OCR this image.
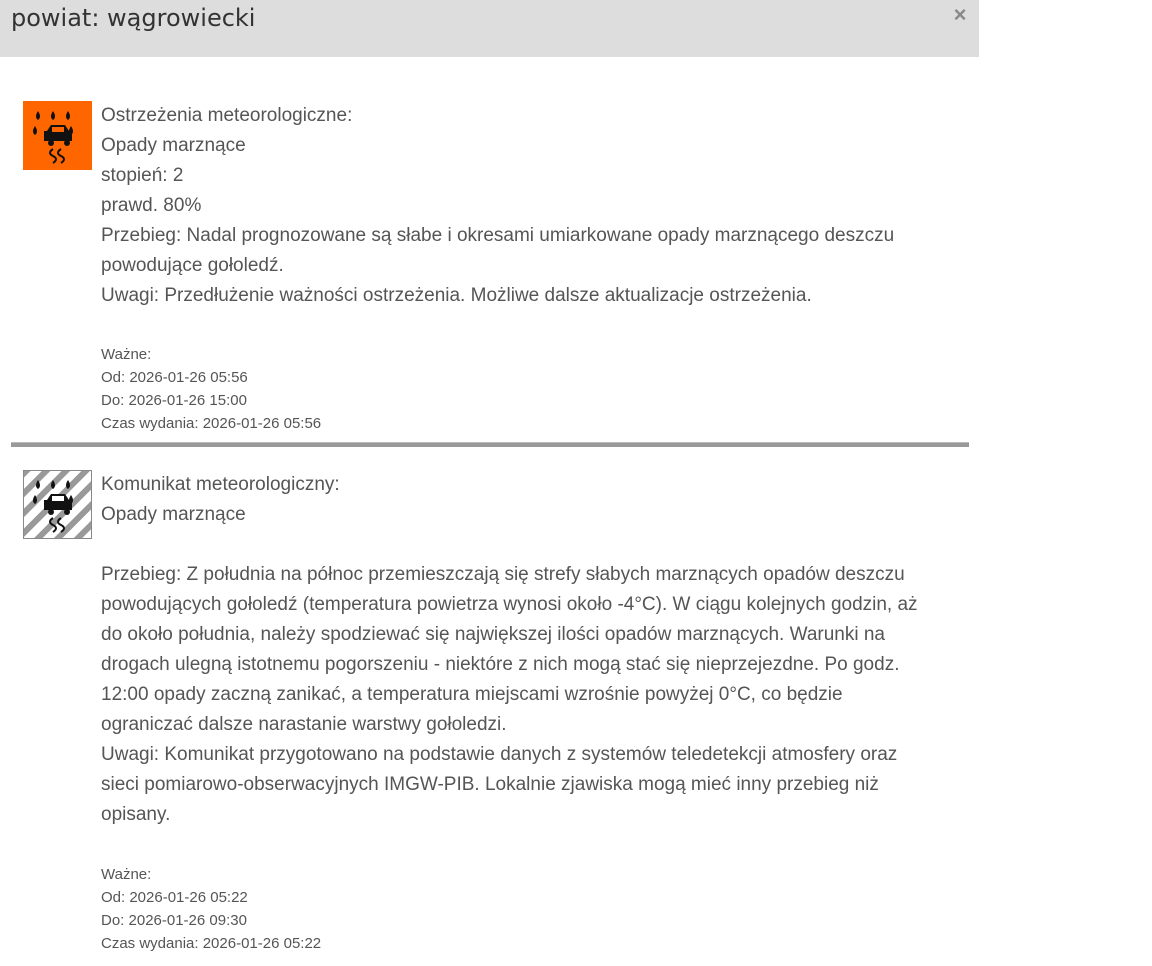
powiat: wągrowiecki	×
Ostrzeżenia meteorologiczne:
Opady marznące
stopień: 2
prawd. 80%
Przebieg: Nadal prognozowane są słabe i okresami umiarkowane opady marznącego deszczu
powodujące gołoledź.
Uwagi: Przedłużenie ważności ostrzeżenia. Możliwe dalsze aktualizacje ostrzeżenia.
Ważne:
Od: 2026-01-26 05:56
Do: 2026-01-26 15:00
Czas wydania: 2026-01-26 05:56
Komunikat meteorologiczny:
Opady marznące
Przebieg: Z południa na północ przemieszczają się strefy słabych marznących opadów deszczu
powodujących gołoledź (temperatura powietrza wynosi około -4°C). W ciągu kolejnych godzin, aż
do około południa, należy spodziewać się największej ilości opadów marznących. Warunki na
drogach ulegną istotnemu pogorszeniu - niektóre z nich mogą stać się nieprzejezdne. Po godz.
12:00 opady zaczną zanikać, a temperatura miejscami wzrośnie powyżej 0°C, co będzie
ograniczać dalsze narastanie warstwy gołoledzi.
Uwagi: Komunikat przygotowano na podstawie danych z systemów teledetekcji atmosfery oraz
sieci pomiarowo-obserwacyjnych IMGW-PIB. Lokalnie zjawiska mogą mieć inny przebieg niż
opisany.
Ważne:
Od: 2026-01-26 05:22
Do: 2026-01-26 09:30
Czas wydania: 2026-01-26 05:22
